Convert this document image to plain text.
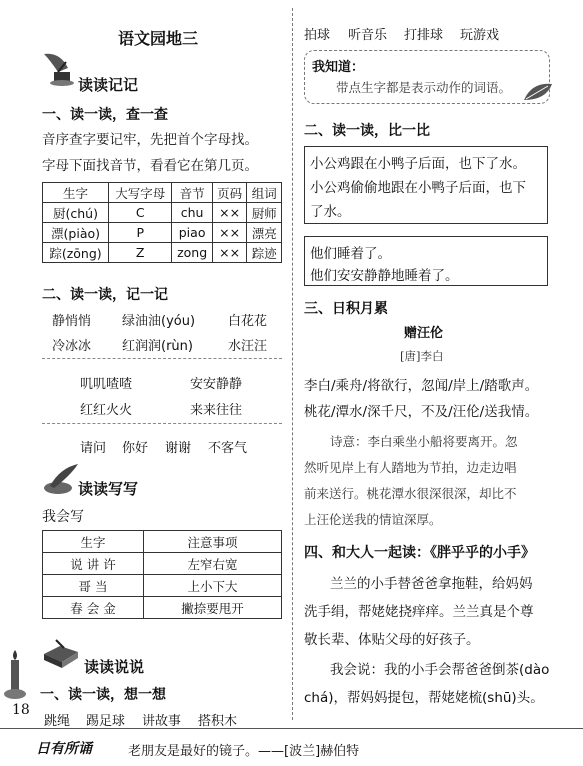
语文园地三
读读记记
一、读一读，查一查
音序查字要记牢，先把首个字母找。
字母下面找音节，看看它在第几页。
生字	大写字母	音节	页码	组词
厨(chú)	C	chu	××	厨师
漂(piào)	P	piao	××	漂亮
踪(zōng)	Z	zong	××	踪迹
二、读一读，记一记
静悄悄 绿油油(yóu)	白花花
冷冰冰 红润润(rùn)	水汪汪
叽叽喳喳	安安静静
红红火火	来来往往
请问 你好 谢谢 不客气
读读写写
我会写
生字	注意事项
说 讲 许	左窄右宽
哥 当	上小下大
春 会 金	撇捺要甩开
读读说说
一、读一读，想一想
18
跳绳 踢足球 讲故事 搭积木
拍球 听音乐 打排球 玩游戏
我知道：
带点生字都是表示动作的词语。
二、读一读，比一比
小公鸡跟在小鸭子后面，也下了水。
小公鸡偷偷地跟在小鸭子后面，也下
了水。
他们睡着了。
他们安安静静地睡着了。
三、日积月累
赠汪伦
[唐]李白
李白/乘舟/将欲行，忽闻/岸上/踏歌声。
桃花/潭水/深千尺，不及/汪伦/送我情。
诗意：李白乘坐小船将要离开。忽
然听见岸上有人踏地为节拍，边走边唱
前来送行。桃花潭水很深很深，却比不
上汪伦送我的情谊深厚。
四、和大人一起读：《胖乎乎的小手》
兰兰的小手替爸爸拿拖鞋，给妈妈
洗手绢，帮姥姥挠痒痒。兰兰真是个尊
敬长辈、体贴父母的好孩子。
我会说：我的小手会帮爸爸倒茶(dào
chá)，帮妈妈提包，帮姥姥梳(shū)头。
日有所诵	老朋友是最好的镜子。——[波兰]赫伯特
